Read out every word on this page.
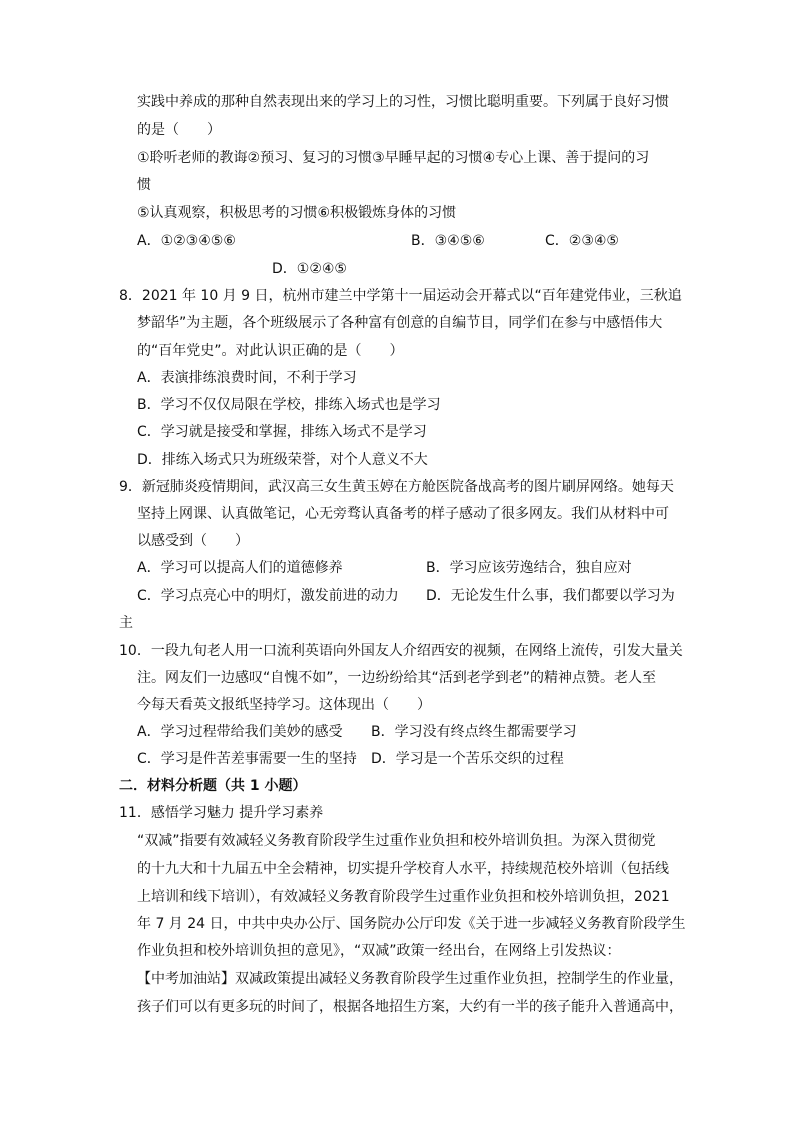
实践中养成的那种自然表现出来的学习上的习性，习惯比聪明重要。下列属于良好习惯
的是（　　）
①聆听老师的教诲②预习、复习的习惯③早睡早起的习惯④专心上课、善于提问的习
惯
⑤认真观察，积极思考的习惯⑥积极锻炼身体的习惯
A．①②③④⑤⑥	B．③④⑤⑥	C．②③④⑤
D．①②④⑤
8．2021 年 10 月 9 日，杭州市建兰中学第十一届运动会开幕式以“百年建党伟业，三秋追
梦韶华”为主题，各个班级展示了各种富有创意的自编节目，同学们在参与中感悟伟大
的“百年党史”。对此认识正确的是（　　）
A．表演排练浪费时间，不利于学习
B．学习不仅仅局限在学校，排练入场式也是学习
C．学习就是接受和掌握，排练入场式不是学习
D．排练入场式只为班级荣誉，对个人意义不大
9．新冠肺炎疫情期间，武汉高三女生黄玉婷在方舱医院备战高考的图片刷屏网络。她每天
坚持上网课、认真做笔记，心无旁骛认真备考的样子感动了很多网友。我们从材料中可
以感受到（　　）
A．学习可以提高人们的道德修养	B．学习应该劳逸结合，独自应对
C．学习点亮心中的明灯，激发前进的动力 D．无论发生什么事，我们都要以学习为
主
10．一段九旬老人用一口流利英语向外国友人介绍西安的视频，在网络上流传，引发大量关
注。网友们一边感叹“自愧不如”，一边纷纷给其“活到老学到老”的精神点赞。老人至
今每天看英文报纸坚持学习。这体现出（　　）
A．学习过程带给我们美妙的感受 B．学习没有终点终生都需要学习
C．学习是件苦差事需要一生的坚持 D．学习是一个苦乐交织的过程
二．材料分析题（共 1 小题）
11．感悟学习魅力 提升学习素养
“双减”指要有效减轻义务教育阶段学生过重作业负担和校外培训负担。为深入贯彻党
的十九大和十九届五中全会精神，切实提升学校育人水平，持续规范校外培训（包括线
上培训和线下培训），有效减轻义务教育阶段学生过重作业负担和校外培训负担，2021
年 7 月 24 日，中共中央办公厅、国务院办公厅印发《关于进一步减轻义务教育阶段学生
作业负担和校外培训负担的意见》，“双减”政策一经出台，在网络上引发热议：
【中考加油站】双减政策提出减轻义务教育阶段学生过重作业负担，控制学生的作业量，
孩子们可以有更多玩的时间了，根据各地招生方案，大约有一半的孩子能升入普通高中，
